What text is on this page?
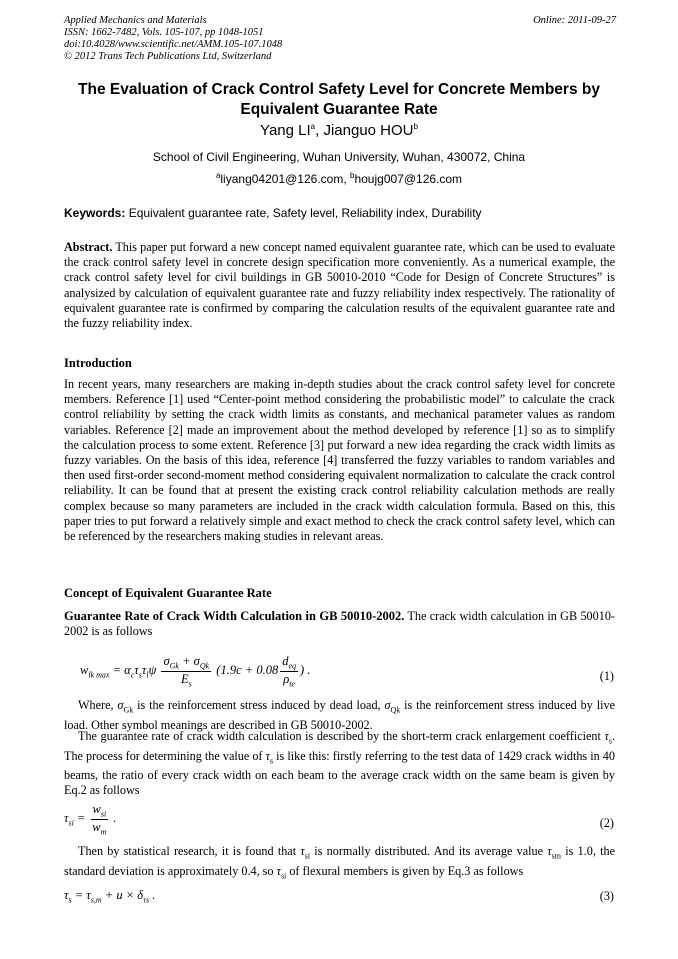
Applied Mechanics and Materials
ISSN: 1662-7482, Vols. 105-107, pp 1048-1051
doi:10.4028/www.scientific.net/AMM.105-107.1048
© 2012 Trans Tech Publications Ltd, Switzerland
Online: 2011-09-27
The Evaluation of Crack Control Safety Level for Concrete Members by Equivalent Guarantee Rate
Yang $LI^a$, Jianguo HOU$^b$
School of Civil Engineering, Wuhan University, Wuhan, 430072, China
$^a$liyang04201@126.com, $^b$houjg007@126.com
Keywords: Equivalent guarantee rate, Safety level, Reliability index, Durability
Abstract. This paper put forward a new concept named equivalent guarantee rate, which can be used to evaluate the crack control safety level in concrete design specification more conveniently. As a numerical example, the crack control safety level for civil buildings in GB 50010-2010 “Code for Design of Concrete Structures” is analysized by calculation of equivalent guarantee rate and fuzzy reliability index respectively. The rationality of equivalent guarantee rate is confirmed by comparing the calculation results of the equivalent guarantee rate and the fuzzy reliability index.
Introduction
In recent years, many researchers are making in-depth studies about the crack control safety level for concrete members. Reference [1] used “Center-point method considering the probabilistic model” to calculate the crack control reliability by setting the crack width limits as constants, and mechanical parameter values as random variables. Reference [2] made an improvement about the method developed by reference [1] so as to simplify the calculation process to some extent. Reference [3] put forward a new idea regarding the crack width limits as fuzzy variables. On the basis of this idea, reference [4] transferred the fuzzy variables to random variables and then used first-order second-moment method considering equivalent normalization to calculate the crack control reliability. It can be found that at present the existing crack control reliability calculation methods are really complex because so many parameters are included in the crack width calculation formula. Based on this, this paper tries to put forward a relatively simple and exact method to check the crack control safety level, which can be referenced by the researchers making studies in relevant areas.
Concept of Equivalent Guarantee Rate
Guarantee Rate of Crack Width Calculation in GB 50010-2002. The crack width calculation in GB 50010-2002 is as follows
$w_{lk max} = \alpha_c\tau_s\tau_l\psi \frac{\sigma_{Gk} + \sigma_{Qk}}{E_s} (1.9c + 0.08 \frac{d_{eq}}{\rho_{te}}$ ) .	(1)
Where, $\sigma_{Gk}$ is the reinforcement stress induced by dead load, $\sigma_{Qk}$ is the reinforcement stress induced by live load. Other symbol meanings are described in GB 50010-2002.
The guarantee rate of crack width calculation is described by the short-term crack enlargement coefficient $\tau_s$. The process for determining the value of $\tau_s$ is like this: firstly referring to the test data of 1429 crack widths in 40 beams, the ratio of every crack width on each beam to the average crack width on the same beam is given by Eq.2 as follows
$\tau_{si} = \frac{w_{si}}{w_m}$ .	(2)
Then by statistical research, it is found that $\tau_{si}$ is normally distributed. And its average value $\tau_{sm}$ is 1.0, the standard deviation is approximately 0.4, so $\tau_{si}$ of flexural members is given by Eq.3 as follows
$\tau_s = \tau_{s,m} + u \times \delta_{\tau s}$ .	(3)
